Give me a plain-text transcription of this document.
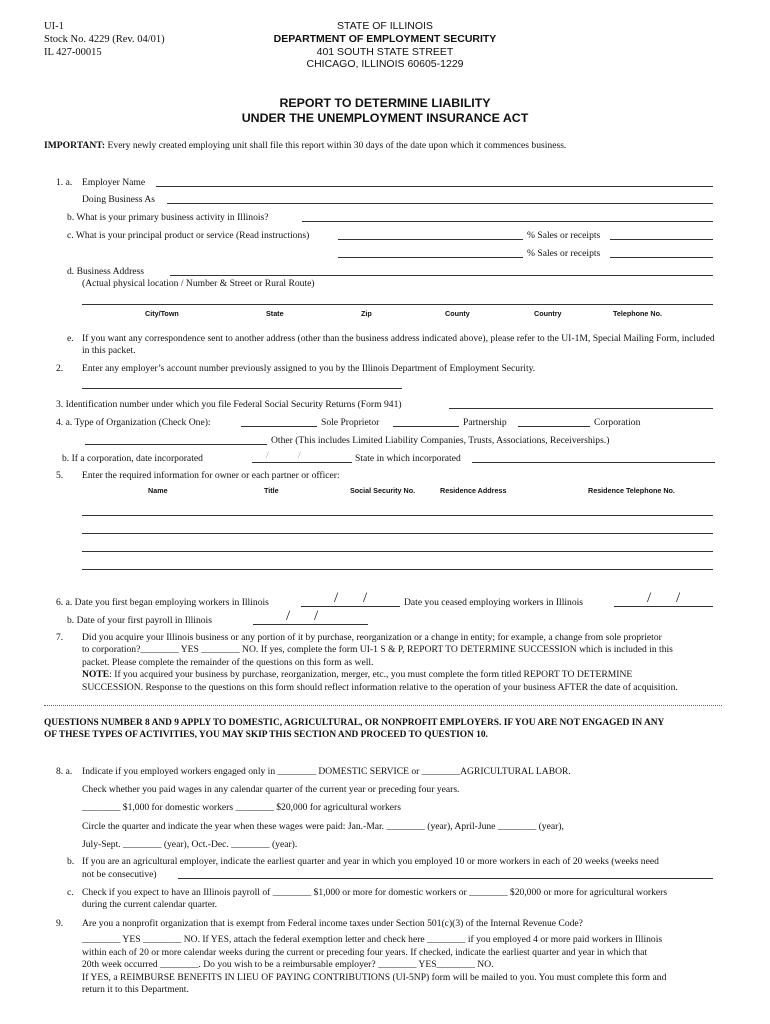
UI-1
Stock No. 4229 (Rev. 04/01)
IL 427-00015
STATE OF ILLINOIS
DEPARTMENT OF EMPLOYMENT SECURITY
401 SOUTH STATE STREET
CHICAGO, ILLINOIS 60605-1229
REPORT TO DETERMINE LIABILITY
UNDER THE UNEMPLOYMENT INSURANCE ACT
IMPORTANT: Every newly created employing unit shall file this report within 30 days of the date upon which it commences business.
1. a. Employer Name
Doing Business As
b. What is your primary business activity in Illinois?
c. What is your principal product or service (Read instructions)	% Sales or receipts
% Sales or receipts
d. Business Address
(Actual physical location / Number & Street or Rural Route)
City/Town	State	Zip	County	Country	Telephone No.
e. If you want any correspondence sent to another address (other than the business address indicated above), please refer to the UI-1M, Special Mailing Form, included in this packet.
2. Enter any employer’s account number previously assigned to you by the Illinois Department of Employment Security.
3. Identification number under which you file Federal Social Security Returns (Form 941)
4. a. Type of Organization (Check One):	Sole Proprietor	Partnership	Corporation
Other (This includes Limited Liability Companies, Trusts, Associations, Receiverships.)
b. If a corporation, date incorporated	/	/	State in which incorporated
5. Enter the required information for owner or each partner or officer:
Name	Title	Social Security No.	Residence Address	Residence Telephone No.
6. a. Date you first began employing workers in Illinois	/ /	Date you ceased employing workers in Illinois	/ /
b. Date of your first payroll in Illinois	/ /
7. Did you acquire your Illinois business or any portion of it by purchase, reorganization or a change in entity; for example, a change from sole proprietor
to corporation?________ YES ________ NO. If yes, complete the form UI-1 S & P, REPORT TO DETERMINE SUCCESSION which is included in this
packet. Please complete the remainder of the questions on this form as well.
NOTE: If you acquired your business by purchase, reorganization, merger, etc., you must complete the form titled REPORT TO DETERMINE
SUCCESSION. Response to the questions on this form should reflect information relative to the operation of your business AFTER the date of acquisition.
QUESTIONS NUMBER 8 AND 9 APPLY TO DOMESTIC, AGRICULTURAL, OR NONPROFIT EMPLOYERS. IF YOU ARE NOT ENGAGED IN ANY
OF THESE TYPES OF ACTIVITIES, YOU MAY SKIP THIS SECTION AND PROCEED TO QUESTION 10.
8. a. Indicate if you employed workers engaged only in ________ DOMESTIC SERVICE or ________AGRICULTURAL LABOR.
Check whether you paid wages in any calendar quarter of the current year or preceding four years.
________ $1,000 for domestic workers ________ $20,000 for agricultural workers
Circle the quarter and indicate the year when these wages were paid: Jan.-Mar. ________ (year), April-June ________ (year),
July-Sept. ________ (year), Oct.-Dec. ________ (year).
b. If you are an agricultural employer, indicate the earliest quarter and year in which you employed 10 or more workers in each of 20 weeks (weeks need
not be consecutive)
c. Check if you expect to have an Illinois payroll of ________ $1,000 or more for domestic workers or ________ $20,000 or more for agricultural workers
during the current calendar quarter.
9. Are you a nonprofit organization that is exempt from Federal income taxes under Section 501(c)(3) of the Internal Revenue Code?
________ YES ________ NO. If YES, attach the federal exemption letter and check here ________ if you employed 4 or more paid workers in Illinois
within each of 20 or more calendar weeks during the current or preceding four years. If checked, indicate the earliest quarter and year in which that
20th week occurred ________. Do you wish to be a reimbursable employer? ________ YES________ NO.
If YES, a REIMBURSE BENEFITS IN LIEU OF PAYING CONTRIBUTIONS (UI-5NP) form will be mailed to you. You must complete this form and
return it to this Department.
